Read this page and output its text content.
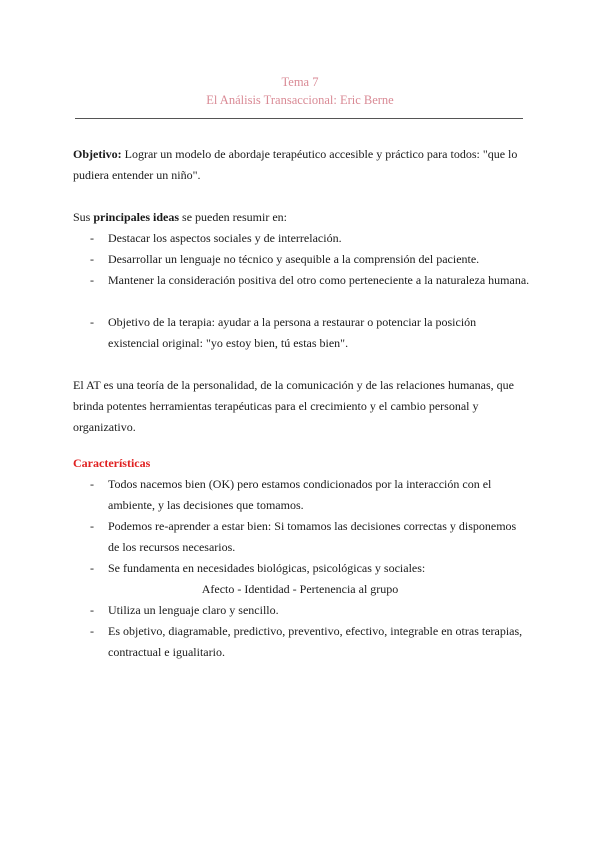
Tema 7
El Análisis Transaccional: Eric Berne
Objetivo: Lograr un modelo de abordaje terapéutico accesible y práctico para todos: "que lo pudiera entender un niño".
Sus principales ideas se pueden resumir en:
- Destacar los aspectos sociales y de interrelación.
- Desarrollar un lenguaje no técnico y asequible a la comprensión del paciente.
- Mantener la consideración positiva del otro como perteneciente a la naturaleza humana.
- Objetivo de la terapia: ayudar a la persona a restaurar o potenciar la posición existencial original: "yo estoy bien, tú estas bien".
El AT es una teoría de la personalidad, de la comunicación y de las relaciones humanas, que brinda potentes herramientas terapéuticas para el crecimiento y el cambio personal y organizativo.
Características
- Todos nacemos bien (OK) pero estamos condicionados por la interacción con el ambiente, y las decisiones que tomamos.
- Podemos re-aprender a estar bien: Si tomamos las decisiones correctas y disponemos de los recursos necesarios.
- Se fundamenta en necesidades biológicas, psicológicas y sociales:
Afecto - Identidad - Pertenencia al grupo
- Utiliza un lenguaje claro y sencillo.
- Es objetivo, diagramable, predictivo, preventivo, efectivo, integrable en otras terapias, contractual e igualitario.
